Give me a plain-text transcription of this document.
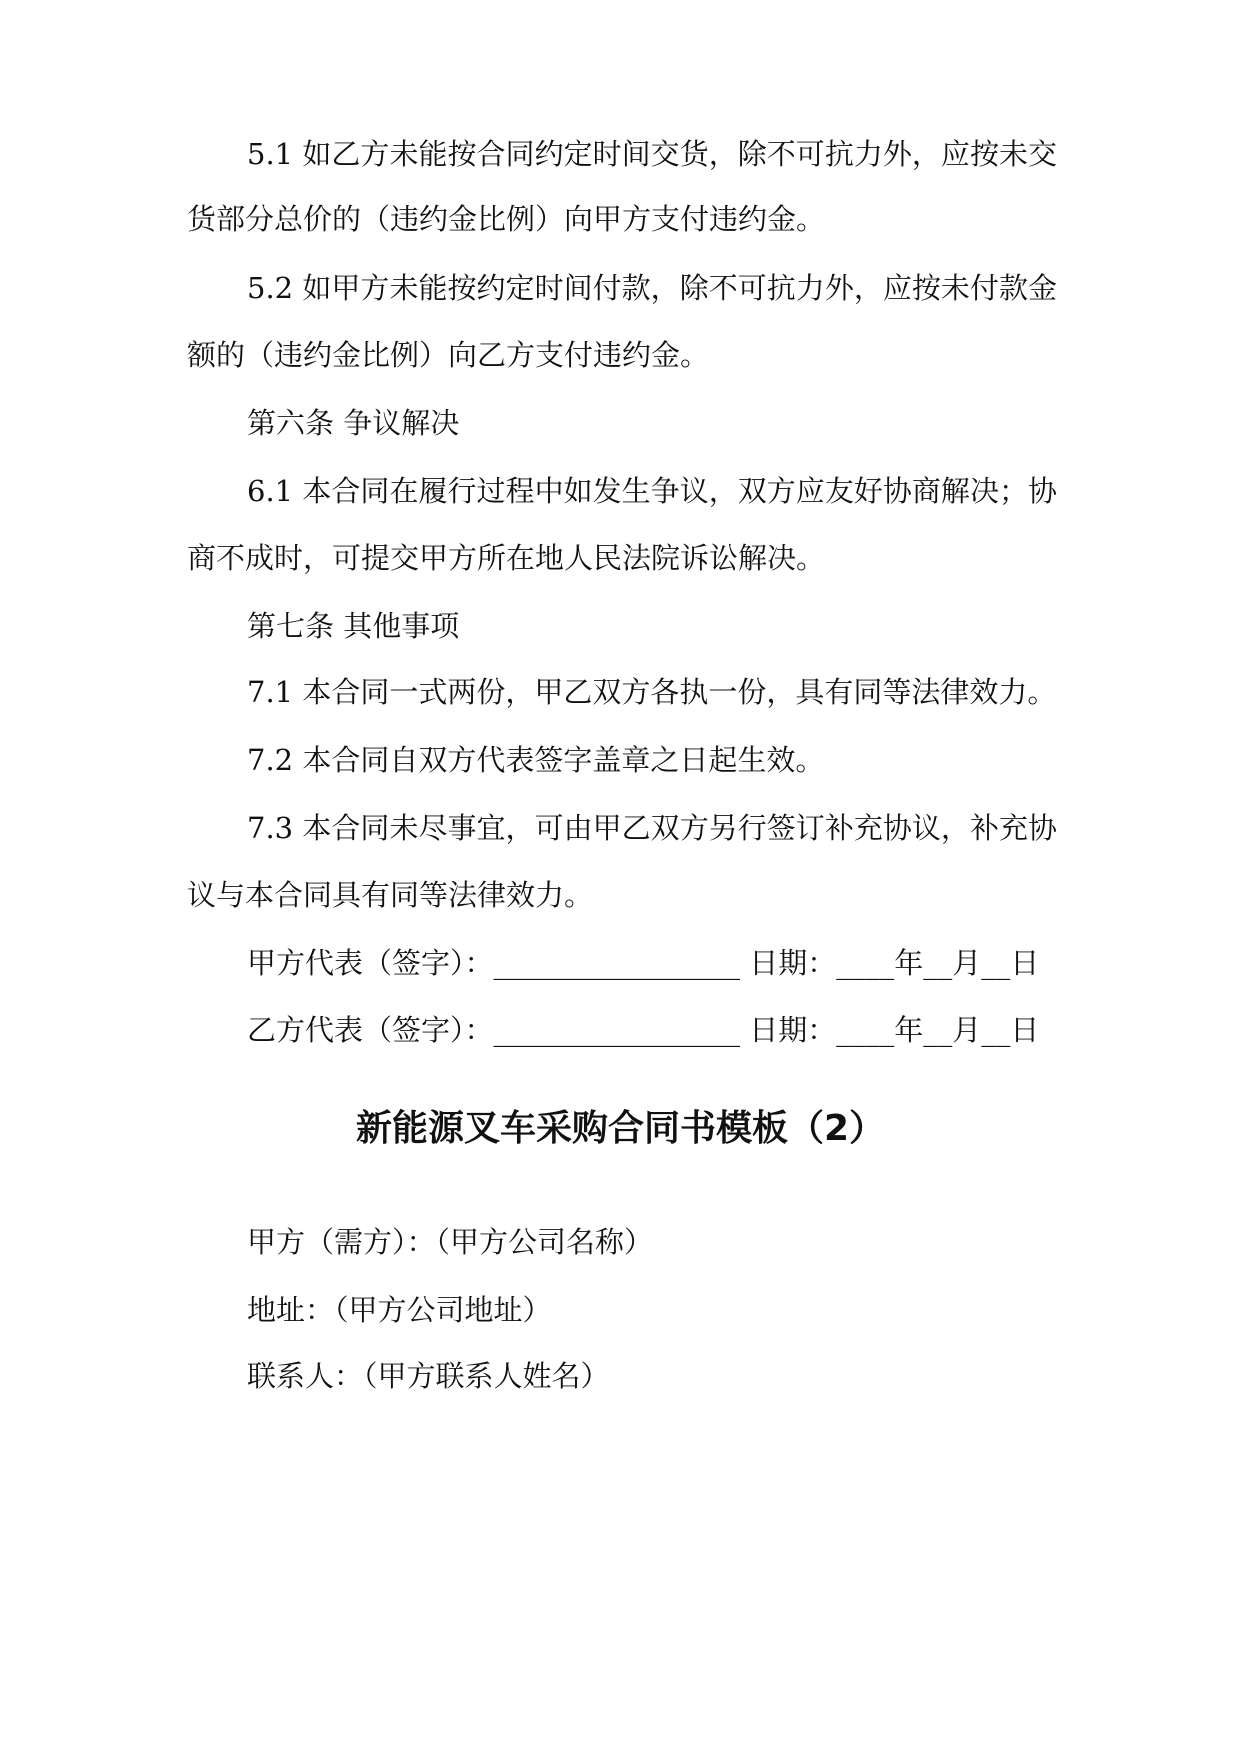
5.1 如乙方未能按合同约定时间交货，除不可抗力外，应按未交
货部分总价的（违约金比例）向甲方支付违约金。
5.2 如甲方未能按约定时间付款，除不可抗力外，应按未付款金
额的（违约金比例）向乙方支付违约金。
第六条 争议解决
6.1 本合同在履行过程中如发生争议，双方应友好协商解决；协
商不成时，可提交甲方所在地人民法院诉讼解决。
第七条 其他事项
7.1 本合同一式两份，甲乙双方各执一份，具有同等法律效力。
7.2 本合同自双方代表签字盖章之日起生效。
7.3 本合同未尽事宜，可由甲乙双方另行签订补充协议，补充协
议与本合同具有同等法律效力。
甲方代表（签字）：_________________ 日期：____年__月__日
乙方代表（签字）：_________________ 日期：____年__月__日
新能源叉车采购合同书模板（2）
甲方（需方）：（甲方公司名称）
地址：（甲方公司地址）
联系人：（甲方联系人姓名）
